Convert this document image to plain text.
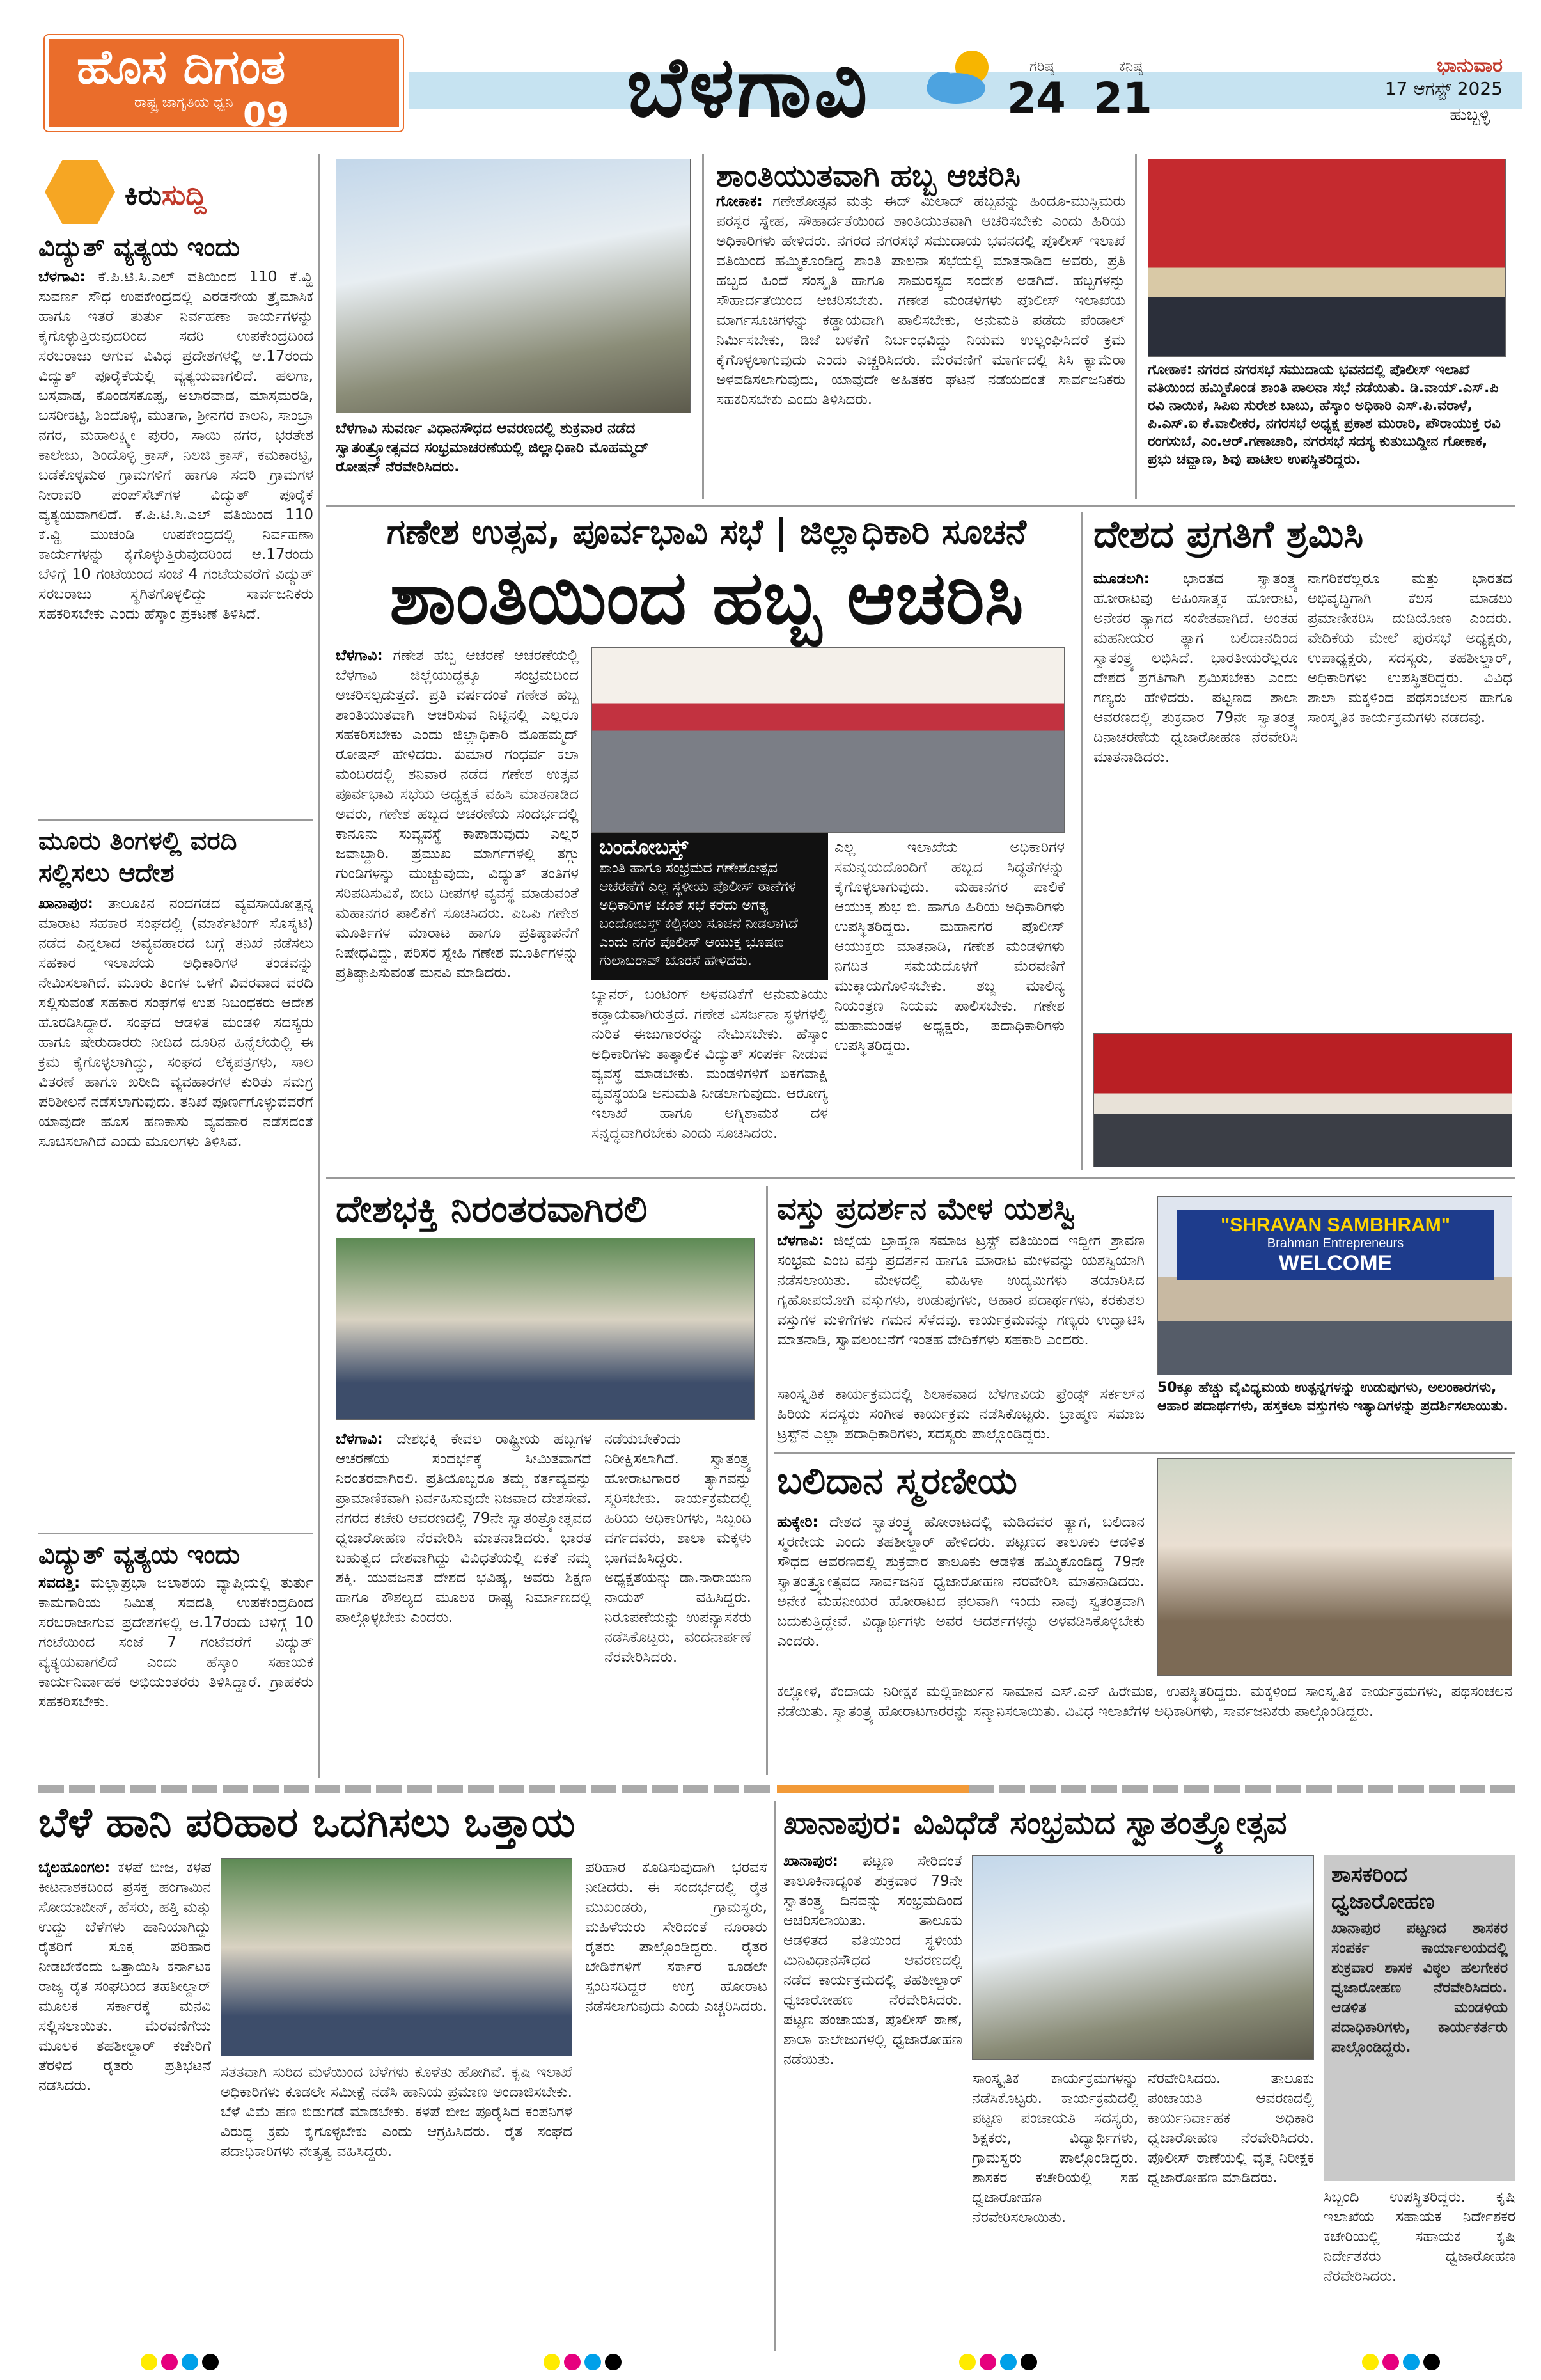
ಹೊಸ ದಿಗಂತ
ರಾಷ್ಟ್ರ ಜಾಗೃತಿಯ ಧ್ವನಿ 09	ಬೆಳಗಾವಿ	ಗರಿಷ್ಠ
24
ಕನಿಷ್ಠ
21
ಭಾನುವಾರ
17 ಆಗಸ್ಟ್ 2025
ಹುಬ್ಬಳ್ಳಿ
ಕಿರುಸುದ್ದಿ
ವಿದ್ಯುತ್ ವ್ಯತ್ಯಯ ಇಂದು
ಬೆಳಗಾವಿ: ಕೆ.ಪಿ.ಟಿ.ಸಿ.ಎಲ್ ವತಿಯಿಂದ 110 ಕೆ.ವ್ಹಿ ಸುವರ್ಣ ಸೌಧ ಉಪಕೇಂದ್ರದಲ್ಲಿ ಎರಡನೇಯ ತ್ರೈಮಾಸಿಕ ಹಾಗೂ ಇತರೆ ತುರ್ತು ನಿರ್ವಹಣಾ ಕಾರ್ಯಗಳನ್ನು ಕೈಗೊಳ್ಳುತ್ತಿರುವುದರಿಂದ ಸದರಿ ಉಪಕೇಂದ್ರದಿಂದ ಸರಬರಾಜು ಆಗುವ ವಿವಿಧ ಪ್ರದೇಶಗಳಲ್ಲಿ ಆ.17ರಂದು ವಿದ್ಯುತ್ ಪೂರೈಕೆಯಲ್ಲಿ ವ್ಯತ್ಯಯವಾಗಲಿದೆ. ಹಲಗಾ, ಬಸ್ತವಾಡ, ಕೊಂಡಸಕೊಪ್ಪ, ಅಲಾರವಾಡ, ಮಾಸ್ತಮರಡಿ, ಬಸರೀಕಟ್ಟಿ, ಶಿಂದೊಳ್ಳಿ, ಮುತಗಾ, ಶ್ರೀನಗರ ಕಾಲನಿ, ಸಾಂಬ್ರಾ ನಗರ, ಮಹಾಲಕ್ಷ್ಮೀ ಪುರಂ, ಸಾಯಿ ನಗರ, ಭರತೇಶ ಕಾಲೇಜು, ಶಿಂದೊಳ್ಳಿ ಕ್ರಾಸ್, ನಿಲಜಿ ಕ್ರಾಸ್, ಕಮಕಾರಟ್ಟಿ, ಬಡೆಕೊಳ್ಳಮಠ ಗ್ರಾಮಗಳಿಗೆ ಹಾಗೂ ಸದರಿ ಗ್ರಾಮಗಳ ನೀರಾವರಿ ಪಂಪ್‌ಸೆಟ್‌ಗಳ ವಿದ್ಯುತ್ ಪೂರೈಕೆ ವ್ಯತ್ಯಯವಾಗಲಿದೆ. ಕೆ.ಪಿ.ಟಿ.ಸಿ.ಎಲ್ ವತಿಯಿಂದ 110 ಕೆ.ವ್ಹಿ ಮುಚಂಡಿ ಉಪಕೇಂದ್ರದಲ್ಲಿ ನಿರ್ವಹಣಾ ಕಾರ್ಯಗಳನ್ನು ಕೈಗೊಳ್ಳುತ್ತಿರುವುದರಿಂದ ಆ.17ರಂದು ಬೆಳಿಗ್ಗೆ 10 ಗಂಟೆಯಿಂದ ಸಂಜೆ 4 ಗಂಟೆಯವರೆಗೆ ವಿದ್ಯುತ್ ಸರಬರಾಜು ಸ್ಥಗಿತಗೊಳ್ಳಲಿದ್ದು ಸಾರ್ವಜನಿಕರು ಸಹಕರಿಸಬೇಕು ಎಂದು ಹೆಸ್ಕಾಂ ಪ್ರಕಟಣೆ ತಿಳಿಸಿದೆ.
ಮೂರು ತಿಂಗಳಲ್ಲಿ ವರದಿ ಸಲ್ಲಿಸಲು ಆದೇಶ
ಖಾನಾಪುರ: ತಾಲೂಕಿನ ನಂದಗಡದ ವ್ಯವಸಾಯೋತ್ಪನ್ನ ಮಾರಾಟ ಸಹಕಾರ ಸಂಘದಲ್ಲಿ (ಮಾರ್ಕೆಟಿಂಗ್ ಸೊಸೈಟಿ) ನಡೆದ ಎನ್ನಲಾದ ಅವ್ಯವಹಾರದ ಬಗ್ಗೆ ತನಿಖೆ ನಡೆಸಲು ಸಹಕಾರ ಇಲಾಖೆಯ ಅಧಿಕಾರಿಗಳ ತಂಡವನ್ನು ನೇಮಿಸಲಾಗಿದೆ. ಮೂರು ತಿಂಗಳ ಒಳಗೆ ವಿವರವಾದ ವರದಿ ಸಲ್ಲಿಸುವಂತೆ ಸಹಕಾರ ಸಂಘಗಳ ಉಪ ನಿಬಂಧಕರು ಆದೇಶ ಹೊರಡಿಸಿದ್ದಾರೆ. ಸಂಘದ ಆಡಳಿತ ಮಂಡಳಿ ಸದಸ್ಯರು ಹಾಗೂ ಷೇರುದಾರರು ನೀಡಿದ ದೂರಿನ ಹಿನ್ನೆಲೆಯಲ್ಲಿ ಈ ಕ್ರಮ ಕೈಗೊಳ್ಳಲಾಗಿದ್ದು, ಸಂಘದ ಲೆಕ್ಕಪತ್ರಗಳು, ಸಾಲ ವಿತರಣೆ ಹಾಗೂ ಖರೀದಿ ವ್ಯವಹಾರಗಳ ಕುರಿತು ಸಮಗ್ರ ಪರಿಶೀಲನೆ ನಡೆಸಲಾಗುವುದು. ತನಿಖೆ ಪೂರ್ಣಗೊಳ್ಳುವವರೆಗೆ ಯಾವುದೇ ಹೊಸ ಹಣಕಾಸು ವ್ಯವಹಾರ ನಡೆಸದಂತೆ ಸೂಚಿಸಲಾಗಿದೆ ಎಂದು ಮೂಲಗಳು ತಿಳಿಸಿವೆ.
ವಿದ್ಯುತ್ ವ್ಯತ್ಯಯ ಇಂದು
ಸವದತ್ತಿ: ಮಲ್ಲಾಪ್ರಭಾ ಜಲಾಶಯ ವ್ಯಾಪ್ತಿಯಲ್ಲಿ ತುರ್ತು ಕಾಮಗಾರಿಯ ನಿಮಿತ್ತ ಸವದತ್ತಿ ಉಪಕೇಂದ್ರದಿಂದ ಸರಬರಾಜಾಗುವ ಪ್ರದೇಶಗಳಲ್ಲಿ ಆ.17ರಂದು ಬೆಳಿಗ್ಗೆ 10 ಗಂಟೆಯಿಂದ ಸಂಜೆ 7 ಗಂಟೆವರೆಗೆ ವಿದ್ಯುತ್ ವ್ಯತ್ಯಯವಾಗಲಿದೆ ಎಂದು ಹೆಸ್ಕಾಂ ಸಹಾಯಕ ಕಾರ್ಯನಿರ್ವಾಹಕ ಅಭಿಯಂತರರು ತಿಳಿಸಿದ್ದಾರೆ. ಗ್ರಾಹಕರು ಸಹಕರಿಸಬೇಕು.
ಬೆಳಗಾವಿ ಸುವರ್ಣ ವಿಧಾನಸೌಧದ ಆವರಣದಲ್ಲಿ ಶುಕ್ರವಾರ ನಡೆದ ಸ್ವಾತಂತ್ರ್ಯೋತ್ಸವದ ಸಂಭ್ರಮಾಚರಣೆಯಲ್ಲಿ ಜಿಲ್ಲಾಧಿಕಾರಿ ಮೊಹಮ್ಮದ್ ರೋಷನ್ ನೆರವೇರಿಸಿದರು.
ಶಾಂತಿಯುತವಾಗಿ ಹಬ್ಬ ಆಚರಿಸಿ
ಗೋಕಾಕ: ಗಣೇಶೋತ್ಸವ ಮತ್ತು ಈದ್ ಮಿಲಾದ್ ಹಬ್ಬವನ್ನು ಹಿಂದೂ-ಮುಸ್ಲಿಮರು ಪರಸ್ಪರ ಸ್ನೇಹ, ಸೌಹಾರ್ದತೆಯಿಂದ ಶಾಂತಿಯುತವಾಗಿ ಆಚರಿಸಬೇಕು ಎಂದು ಹಿರಿಯ ಅಧಿಕಾರಿಗಳು ಹೇಳಿದರು. ನಗರದ ನಗರಸಭೆ ಸಮುದಾಯ ಭವನದಲ್ಲಿ ಪೊಲೀಸ್ ಇಲಾಖೆ ವತಿಯಿಂದ ಹಮ್ಮಿಕೊಂಡಿದ್ದ ಶಾಂತಿ ಪಾಲನಾ ಸಭೆಯಲ್ಲಿ ಮಾತನಾಡಿದ ಅವರು, ಪ್ರತಿ ಹಬ್ಬದ ಹಿಂದೆ ಸಂಸ್ಕೃತಿ ಹಾಗೂ ಸಾಮರಸ್ಯದ ಸಂದೇಶ ಅಡಗಿದೆ. ಹಬ್ಬಗಳನ್ನು ಸೌಹಾರ್ದತೆಯಿಂದ ಆಚರಿಸಬೇಕು. ಗಣೇಶ ಮಂಡಳಿಗಳು ಪೊಲೀಸ್ ಇಲಾಖೆಯ ಮಾರ್ಗಸೂಚಿಗಳನ್ನು ಕಡ್ಡಾಯವಾಗಿ ಪಾಲಿಸಬೇಕು, ಅನುಮತಿ ಪಡೆದು ಪೆಂಡಾಲ್ ನಿರ್ಮಿಸಬೇಕು, ಡಿಜೆ ಬಳಕೆಗೆ ನಿರ್ಬಂಧವಿದ್ದು ನಿಯಮ ಉಲ್ಲಂಘಿಸಿದರೆ ಕ್ರಮ ಕೈಗೊಳ್ಳಲಾಗುವುದು ಎಂದು ಎಚ್ಚರಿಸಿದರು. ಮೆರವಣಿಗೆ ಮಾರ್ಗದಲ್ಲಿ ಸಿಸಿ ಕ್ಯಾಮೆರಾ ಅಳವಡಿಸಲಾಗುವುದು, ಯಾವುದೇ ಅಹಿತಕರ ಘಟನೆ ನಡೆಯದಂತೆ ಸಾರ್ವಜನಿಕರು ಸಹಕರಿಸಬೇಕು ಎಂದು ತಿಳಿಸಿದರು.
ಗೋಕಾಕ: ನಗರದ ನಗರಸಭೆ ಸಮುದಾಯ ಭವನದಲ್ಲಿ ಪೊಲೀಸ್ ಇಲಾಖೆ ವತಿಯಿಂದ ಹಮ್ಮಿಕೊಂಡ ಶಾಂತಿ ಪಾಲನಾ ಸಭೆ ನಡೆಯಿತು. ಡಿ.ವಾಯ್.ಎಸ್.ಪಿ ರವಿ ನಾಯಿಕ, ಸಿಪಿಐ ಸುರೇಶ ಬಾಬು, ಹೆಸ್ಕಾಂ ಅಧಿಕಾರಿ ಎಸ್.ಪಿ.ವರಾಳೆ, ಪಿ.ಎಸ್.ಐ ಕೆ.ವಾಲೀಕರ, ನಗರಸಭೆ ಅಧ್ಯಕ್ಷ ಪ್ರಕಾಶ ಮುರಾರಿ, ಪೌರಾಯುಕ್ತ ರವಿ ರಂಗಸುಬೆ, ಎಂ.ಆರ್.ಗಣಾಚಾರಿ, ನಗರಸಭೆ ಸದಸ್ಯ ಕುತುಬುದ್ದೀನ ಗೋಕಾಕ, ಪ್ರಭು ಚವ್ಹಾಣ, ಶಿವು ಪಾಟೀಲ ಉಪಸ್ಥಿತರಿದ್ದರು.
ಗಣೇಶ ಉತ್ಸವ, ಪೂರ್ವಭಾವಿ ಸಭೆ | ಜಿಲ್ಲಾಧಿಕಾರಿ ಸೂಚನೆ
ಶಾಂತಿಯಿಂದ ಹಬ್ಬ ಆಚರಿಸಿ
ಬೆಳಗಾವಿ: ಗಣೇಶ ಹಬ್ಬ ಆಚರಣೆ ಆಚರಣೆಯಲ್ಲಿ ಬೆಳಗಾವಿ ಜಿಲ್ಲೆಯುದ್ದಕ್ಕೂ ಸಂಭ್ರಮದಿಂದ ಆಚರಿಸಲ್ಪಡುತ್ತದೆ. ಪ್ರತಿ ವರ್ಷದಂತೆ ಗಣೇಶ ಹಬ್ಬ ಶಾಂತಿಯುತವಾಗಿ ಆಚರಿಸುವ ನಿಟ್ಟಿನಲ್ಲಿ ಎಲ್ಲರೂ ಸಹಕರಿಸಬೇಕು ಎಂದು ಜಿಲ್ಲಾಧಿಕಾರಿ ಮೊಹಮ್ಮದ್ ರೋಷನ್ ಹೇಳಿದರು. ಕುಮಾರ ಗಂಧರ್ವ ಕಲಾ ಮಂದಿರದಲ್ಲಿ ಶನಿವಾರ ನಡೆದ ಗಣೇಶ ಉತ್ಸವ ಪೂರ್ವಭಾವಿ ಸಭೆಯ ಅಧ್ಯಕ್ಷತೆ ವಹಿಸಿ ಮಾತನಾಡಿದ ಅವರು, ಗಣೇಶ ಹಬ್ಬದ ಆಚರಣೆಯ ಸಂದರ್ಭದಲ್ಲಿ ಕಾನೂನು ಸುವ್ಯವಸ್ಥೆ ಕಾಪಾಡುವುದು ಎಲ್ಲರ ಜವಾಬ್ದಾರಿ. ಪ್ರಮುಖ ಮಾರ್ಗಗಳಲ್ಲಿ ತಗ್ಗು ಗುಂಡಿಗಳನ್ನು ಮುಚ್ಚುವುದು, ವಿದ್ಯುತ್ ತಂತಿಗಳ ಸರಿಪಡಿಸುವಿಕೆ, ಬೀದಿ ದೀಪಗಳ ವ್ಯವಸ್ಥೆ ಮಾಡುವಂತೆ ಮಹಾನಗರ ಪಾಲಿಕೆಗೆ ಸೂಚಿಸಿದರು. ಪಿಒಪಿ ಗಣೇಶ ಮೂರ್ತಿಗಳ ಮಾರಾಟ ಹಾಗೂ ಪ್ರತಿಷ್ಠಾಪನೆಗೆ ನಿಷೇಧವಿದ್ದು, ಪರಿಸರ ಸ್ನೇಹಿ ಗಣೇಶ ಮೂರ್ತಿಗಳನ್ನು ಪ್ರತಿಷ್ಠಾಪಿಸುವಂತೆ ಮನವಿ ಮಾಡಿದರು.
ಬಂದೋಬಸ್ತ್
ಶಾಂತಿ ಹಾಗೂ ಸಂಭ್ರಮದ ಗಣೇಶೋತ್ಸವ ಆಚರಣೆಗೆ ಎಲ್ಲ ಸ್ಥಳೀಯ ಪೊಲೀಸ್ ಠಾಣೆಗಳ ಅಧಿಕಾರಿಗಳ ಜೊತೆ ಸಭೆ ಕರೆದು ಅಗತ್ಯ ಬಂದೋಬಸ್ತ್ ಕಲ್ಪಿಸಲು ಸೂಚನೆ ನೀಡಲಾಗಿದೆ ಎಂದು ನಗರ ಪೊಲೀಸ್ ಆಯುಕ್ತ ಭೂಷಣ ಗುಲಾಬರಾವ್ ಬೊರಸೆ ಹೇಳಿದರು.
ಬ್ಯಾನರ್, ಬಂಟಿಂಗ್ ಅಳವಡಿಕೆಗೆ ಅನುಮತಿಯು ಕಡ್ಡಾಯವಾಗಿರುತ್ತದೆ. ಗಣೇಶ ವಿಸರ್ಜನಾ ಸ್ಥಳಗಳಲ್ಲಿ ನುರಿತ ಈಜುಗಾರರನ್ನು ನೇಮಿಸಬೇಕು. ಹೆಸ್ಕಾಂ ಅಧಿಕಾರಿಗಳು ತಾತ್ಕಾಲಿಕ ವಿದ್ಯುತ್ ಸಂಪರ್ಕ ನೀಡುವ ವ್ಯವಸ್ಥೆ ಮಾಡಬೇಕು. ಮಂಡಳಿಗಳಿಗೆ ಏಕಗವಾಕ್ಷಿ ವ್ಯವಸ್ಥೆಯಡಿ ಅನುಮತಿ ನೀಡಲಾಗುವುದು. ಆರೋಗ್ಯ ಇಲಾಖೆ ಹಾಗೂ ಅಗ್ನಿಶಾಮಕ ದಳ ಸನ್ನದ್ಧವಾಗಿರಬೇಕು ಎಂದು ಸೂಚಿಸಿದರು.
ಎಲ್ಲ ಇಲಾಖೆಯ ಅಧಿಕಾರಿಗಳ ಸಮನ್ವಯದೊಂದಿಗೆ ಹಬ್ಬದ ಸಿದ್ಧತೆಗಳನ್ನು ಕೈಗೊಳ್ಳಲಾಗುವುದು. ಮಹಾನಗರ ಪಾಲಿಕೆ ಆಯುಕ್ತ ಶುಭ ಬಿ. ಹಾಗೂ ಹಿರಿಯ ಅಧಿಕಾರಿಗಳು ಉಪಸ್ಥಿತರಿದ್ದರು. ಮಹಾನಗರ ಪೊಲೀಸ್ ಆಯುಕ್ತರು ಮಾತನಾಡಿ, ಗಣೇಶ ಮಂಡಳಿಗಳು ನಿಗದಿತ ಸಮಯದೊಳಗೆ ಮೆರವಣಿಗೆ ಮುಕ್ತಾಯಗೊಳಿಸಬೇಕು. ಶಬ್ದ ಮಾಲಿನ್ಯ ನಿಯಂತ್ರಣ ನಿಯಮ ಪಾಲಿಸಬೇಕು. ಗಣೇಶ ಮಹಾಮಂಡಳ ಅಧ್ಯಕ್ಷರು, ಪದಾಧಿಕಾರಿಗಳು ಉಪಸ್ಥಿತರಿದ್ದರು.
ದೇಶದ ಪ್ರಗತಿಗೆ ಶ್ರಮಿಸಿ
ಮೂಡಲಗಿ: ಭಾರತದ ಸ್ವಾತಂತ್ರ್ಯ ಹೋರಾಟವು ಅಹಿಂಸಾತ್ಮಕ ಹೋರಾಟ, ಅನೇಕರ ತ್ಯಾಗದ ಸಂಕೇತವಾಗಿದೆ. ಅಂತಹ ಮಹನೀಯರ ತ್ಯಾಗ ಬಲಿದಾನದಿಂದ ಸ್ವಾತಂತ್ರ್ಯ ಲಭಿಸಿದೆ. ಭಾರತೀಯರೆಲ್ಲರೂ ದೇಶದ ಪ್ರಗತಿಗಾಗಿ ಶ್ರಮಿಸಬೇಕು ಎಂದು ಗಣ್ಯರು ಹೇಳಿದರು. ಪಟ್ಟಣದ ಶಾಲಾ ಆವರಣದಲ್ಲಿ ಶುಕ್ರವಾರ 79ನೇ ಸ್ವಾತಂತ್ರ್ಯ ದಿನಾಚರಣೆಯ ಧ್ವಜಾರೋಹಣ ನೆರವೇರಿಸಿ ಮಾತನಾಡಿದರು.
ನಾಗರಿಕರೆಲ್ಲರೂ ಮತ್ತು ಭಾರತದ ಅಭಿವೃದ್ಧಿಗಾಗಿ ಕೆಲಸ ಮಾಡಲು ಪ್ರಮಾಣೀಕರಿಸಿ ದುಡಿಯೋಣ ಎಂದರು. ವೇದಿಕೆಯ ಮೇಲೆ ಪುರಸಭೆ ಅಧ್ಯಕ್ಷರು, ಉಪಾಧ್ಯಕ್ಷರು, ಸದಸ್ಯರು, ತಹಶೀಲ್ದಾರ್, ಅಧಿಕಾರಿಗಳು ಉಪಸ್ಥಿತರಿದ್ದರು. ವಿವಿಧ ಶಾಲಾ ಮಕ್ಕಳಿಂದ ಪಥಸಂಚಲನ ಹಾಗೂ ಸಾಂಸ್ಕೃತಿಕ ಕಾರ್ಯಕ್ರಮಗಳು ನಡೆದವು.
ದೇಶಭಕ್ತಿ ನಿರಂತರವಾಗಿರಲಿ
ಬೆಳಗಾವಿ: ದೇಶಭಕ್ತಿ ಕೇವಲ ರಾಷ್ಟ್ರೀಯ ಹಬ್ಬಗಳ ಆಚರಣೆಯ ಸಂದರ್ಭಕ್ಕೆ ಸೀಮಿತವಾಗದೆ ನಿರಂತರವಾಗಿರಲಿ. ಪ್ರತಿಯೊಬ್ಬರೂ ತಮ್ಮ ಕರ್ತವ್ಯವನ್ನು ಪ್ರಾಮಾಣಿಕವಾಗಿ ನಿರ್ವಹಿಸುವುದೇ ನಿಜವಾದ ದೇಶಸೇವೆ. ನಗರದ ಕಚೇರಿ ಆವರಣದಲ್ಲಿ 79ನೇ ಸ್ವಾತಂತ್ರ್ಯೋತ್ಸವದ ಧ್ವಜಾರೋಹಣ ನೆರವೇರಿಸಿ ಮಾತನಾಡಿದರು. ಭಾರತ ಬಹುತ್ವದ ದೇಶವಾಗಿದ್ದು ವಿವಿಧತೆಯಲ್ಲಿ ಏಕತೆ ನಮ್ಮ ಶಕ್ತಿ. ಯುವಜನತೆ ದೇಶದ ಭವಿಷ್ಯ, ಅವರು ಶಿಕ್ಷಣ ಹಾಗೂ ಕೌಶಲ್ಯದ ಮೂಲಕ ರಾಷ್ಟ್ರ ನಿರ್ಮಾಣದಲ್ಲಿ ಪಾಲ್ಗೊಳ್ಳಬೇಕು ಎಂದರು.
ನಡೆಯಬೇಕೆಂದು ನಿರೀಕ್ಷಿಸಲಾಗಿದೆ. ಸ್ವಾತಂತ್ರ್ಯ ಹೋರಾಟಗಾರರ ತ್ಯಾಗವನ್ನು ಸ್ಮರಿಸಬೇಕು. ಕಾರ್ಯಕ್ರಮದಲ್ಲಿ ಹಿರಿಯ ಅಧಿಕಾರಿಗಳು, ಸಿಬ್ಬಂದಿ ವರ್ಗದವರು, ಶಾಲಾ ಮಕ್ಕಳು ಭಾಗವಹಿಸಿದ್ದರು. ಅಧ್ಯಕ್ಷತೆಯನ್ನು ಡಾ.ನಾರಾಯಣ ನಾಯಕ್ ವಹಿಸಿದ್ದರು. ನಿರೂಪಣೆಯನ್ನು ಉಪನ್ಯಾಸಕರು ನಡೆಸಿಕೊಟ್ಟರು, ವಂದನಾರ್ಪಣೆ ನೆರವೇರಿಸಿದರು.
ವಸ್ತು ಪ್ರದರ್ಶನ ಮೇಳ ಯಶಸ್ವಿ
ಬೆಳಗಾವಿ: ಜಿಲ್ಲೆಯ ಬ್ರಾಹ್ಮಣ ಸಮಾಜ ಟ್ರಸ್ಟ್ ವತಿಯಿಂದ ಇದ್ದೀಗ ಶ್ರಾವಣ ಸಂಭ್ರಮ ಎಂಬ ವಸ್ತು ಪ್ರದರ್ಶನ ಹಾಗೂ ಮಾರಾಟ ಮೇಳವನ್ನು ಯಶಸ್ವಿಯಾಗಿ ನಡೆಸಲಾಯಿತು. ಮೇಳದಲ್ಲಿ ಮಹಿಳಾ ಉದ್ಯಮಿಗಳು ತಯಾರಿಸಿದ ಗೃಹೋಪಯೋಗಿ ವಸ್ತುಗಳು, ಉಡುಪುಗಳು, ಆಹಾರ ಪದಾರ್ಥಗಳು, ಕರಕುಶಲ ವಸ್ತುಗಳ ಮಳಿಗೆಗಳು ಗಮನ ಸೆಳೆದವು. ಕಾರ್ಯಕ್ರಮವನ್ನು ಗಣ್ಯರು ಉದ್ಘಾಟಿಸಿ ಮಾತನಾಡಿ, ಸ್ವಾವಲಂಬನೆಗೆ ಇಂತಹ ವೇದಿಕೆಗಳು ಸಹಕಾರಿ ಎಂದರು.
"SHRAVAN SAMBHRAM"
Brahman Entrepreneurs
WELCOME
50ಕ್ಕೂ ಹೆಚ್ಚು ವೈವಿಧ್ಯಮಯ ಉತ್ಪನ್ನಗಳನ್ನು ಉಡುಪುಗಳು, ಅಲಂಕಾರಗಳು, ಆಹಾರ ಪದಾರ್ಥಗಳು, ಹಸ್ತಕಲಾ ವಸ್ತುಗಳು ಇತ್ಯಾದಿಗಳನ್ನು ಪ್ರದರ್ಶಿಸಲಾಯಿತು.
ಸಾಂಸ್ಕೃತಿಕ ಕಾರ್ಯಕ್ರಮದಲ್ಲಿ ಶಿಲಾಕವಾದ ಬೆಳಗಾವಿಯ ಫ್ರೆಂಡ್ಸ್ ಸರ್ಕಲ್‌ನ ಹಿರಿಯ ಸದಸ್ಯರು ಸಂಗೀತ ಕಾರ್ಯಕ್ರಮ ನಡೆಸಿಕೊಟ್ಟರು. ಬ್ರಾಹ್ಮಣ ಸಮಾಜ ಟ್ರಸ್ಟ್‌ನ ಎಲ್ಲಾ ಪದಾಧಿಕಾರಿಗಳು, ಸದಸ್ಯರು ಪಾಲ್ಗೊಂಡಿದ್ದರು.
ಬಲಿದಾನ ಸ್ಮರಣೀಯ
ಹುಕ್ಕೇರಿ: ದೇಶದ ಸ್ವಾತಂತ್ರ್ಯ ಹೋರಾಟದಲ್ಲಿ ಮಡಿದವರ ತ್ಯಾಗ, ಬಲಿದಾನ ಸ್ಮರಣೀಯ ಎಂದು ತಹಶೀಲ್ದಾರ್ ಹೇಳಿದರು. ಪಟ್ಟಣದ ತಾಲೂಕು ಆಡಳಿತ ಸೌಧದ ಆವರಣದಲ್ಲಿ ಶುಕ್ರವಾರ ತಾಲೂಕು ಆಡಳಿತ ಹಮ್ಮಿಕೊಂಡಿದ್ದ 79ನೇ ಸ್ವಾತಂತ್ರ್ಯೋತ್ಸವದ ಸಾರ್ವಜನಿಕ ಧ್ವಜಾರೋಹಣ ನೆರವೇರಿಸಿ ಮಾತನಾಡಿದರು. ಅನೇಕ ಮಹನೀಯರ ಹೋರಾಟದ ಫಲವಾಗಿ ಇಂದು ನಾವು ಸ್ವತಂತ್ರವಾಗಿ ಬದುಕುತ್ತಿದ್ದೇವೆ. ವಿದ್ಯಾರ್ಥಿಗಳು ಅವರ ಆದರ್ಶಗಳನ್ನು ಅಳವಡಿಸಿಕೊಳ್ಳಬೇಕು ಎಂದರು.
ಕಲ್ಲೋಳ, ಕೆಂದಾಯ ನಿರೀಕ್ಷಕ ಮಲ್ಲಿಕಾರ್ಜುನ ಸಾಮಾನ ಎಸ್.ಎನ್ ಹಿರೇಮಠ, ಉಪಸ್ಥಿತರಿದ್ದರು. ಮಕ್ಕಳಿಂದ ಸಾಂಸ್ಕೃತಿಕ ಕಾರ್ಯಕ್ರಮಗಳು, ಪಥಸಂಚಲನ ನಡೆಯಿತು. ಸ್ವಾತಂತ್ರ್ಯ ಹೋರಾಟಗಾರರನ್ನು ಸನ್ಮಾನಿಸಲಾಯಿತು. ವಿವಿಧ ಇಲಾಖೆಗಳ ಅಧಿಕಾರಿಗಳು, ಸಾರ್ವಜನಿಕರು ಪಾಲ್ಗೊಂಡಿದ್ದರು.
ಬೆಳೆ ಹಾನಿ ಪರಿಹಾರ ಒದಗಿಸಲು ಒತ್ತಾಯ
ಬೈಲಹೊಂಗಲ: ಕಳಪೆ ಬೀಜ, ಕಳಪೆ ಕೀಟನಾಶಕದಿಂದ ಪ್ರಸಕ್ತ ಹಂಗಾಮಿನ ಸೋಯಾಬೀನ್, ಹೆಸರು, ಹತ್ತಿ ಮತ್ತು ಉದ್ದು ಬೆಳೆಗಳು ಹಾನಿಯಾಗಿದ್ದು ರೈತರಿಗೆ ಸೂಕ್ತ ಪರಿಹಾರ ನೀಡಬೇಕೆಂದು ಒತ್ತಾಯಿಸಿ ಕರ್ನಾಟಕ ರಾಜ್ಯ ರೈತ ಸಂಘದಿಂದ ತಹಶೀಲ್ದಾರ್ ಮೂಲಕ ಸರ್ಕಾರಕ್ಕೆ ಮನವಿ ಸಲ್ಲಿಸಲಾಯಿತು. ಮೆರವಣಿಗೆಯ ಮೂಲಕ ತಹಶೀಲ್ದಾರ್ ಕಚೇರಿಗೆ ತೆರಳಿದ ರೈತರು ಪ್ರತಿಭಟನೆ ನಡೆಸಿದರು.
ಸತತವಾಗಿ ಸುರಿದ ಮಳೆಯಿಂದ ಬೆಳೆಗಳು ಕೊಳೆತು ಹೋಗಿವೆ. ಕೃಷಿ ಇಲಾಖೆ ಅಧಿಕಾರಿಗಳು ಕೂಡಲೇ ಸಮೀಕ್ಷೆ ನಡೆಸಿ ಹಾನಿಯ ಪ್ರಮಾಣ ಅಂದಾಜಿಸಬೇಕು. ಬೆಳೆ ವಿಮೆ ಹಣ ಬಿಡುಗಡೆ ಮಾಡಬೇಕು. ಕಳಪೆ ಬೀಜ ಪೂರೈಸಿದ ಕಂಪನಿಗಳ ವಿರುದ್ಧ ಕ್ರಮ ಕೈಗೊಳ್ಳಬೇಕು ಎಂದು ಆಗ್ರಹಿಸಿದರು. ರೈತ ಸಂಘದ ಪದಾಧಿಕಾರಿಗಳು ನೇತೃತ್ವ ವಹಿಸಿದ್ದರು.
ಪರಿಹಾರ ಕೊಡಿಸುವುದಾಗಿ ಭರವಸೆ ನೀಡಿದರು. ಈ ಸಂದರ್ಭದಲ್ಲಿ ರೈತ ಮುಖಂಡರು, ಗ್ರಾಮಸ್ಥರು, ಮಹಿಳೆಯರು ಸೇರಿದಂತೆ ನೂರಾರು ರೈತರು ಪಾಲ್ಗೊಂಡಿದ್ದರು. ರೈತರ ಬೇಡಿಕೆಗಳಿಗೆ ಸರ್ಕಾರ ಕೂಡಲೇ ಸ್ಪಂದಿಸದಿದ್ದರೆ ಉಗ್ರ ಹೋರಾಟ ನಡೆಸಲಾಗುವುದು ಎಂದು ಎಚ್ಚರಿಸಿದರು.
ಖಾನಾಪುರ: ವಿವಿಧೆಡೆ ಸಂಭ್ರಮದ ಸ್ವಾತಂತ್ರ್ಯೋತ್ಸವ
ಖಾನಾಪುರ: ಪಟ್ಟಣ ಸೇರಿದಂತೆ ತಾಲೂಕಿನಾದ್ಯಂತ ಶುಕ್ರವಾರ 79ನೇ ಸ್ವಾತಂತ್ರ್ಯ ದಿನವನ್ನು ಸಂಭ್ರಮದಿಂದ ಆಚರಿಸಲಾಯಿತು. ತಾಲೂಕು ಆಡಳಿತದ ವತಿಯಿಂದ ಸ್ಥಳೀಯ ಮಿನಿವಿಧಾನಸೌಧದ ಆವರಣದಲ್ಲಿ ನಡೆದ ಕಾರ್ಯಕ್ರಮದಲ್ಲಿ ತಹಶೀಲ್ದಾರ್ ಧ್ವಜಾರೋಹಣ ನೆರವೇರಿಸಿದರು. ಪಟ್ಟಣ ಪಂಚಾಯತ, ಪೊಲೀಸ್ ಠಾಣೆ, ಶಾಲಾ ಕಾಲೇಜುಗಳಲ್ಲಿ ಧ್ವಜಾರೋಹಣ ನಡೆಯಿತು.
ಸಾಂಸ್ಕೃತಿಕ ಕಾರ್ಯಕ್ರಮಗಳನ್ನು ನಡೆಸಿಕೊಟ್ಟರು. ಕಾರ್ಯಕ್ರಮದಲ್ಲಿ ಪಟ್ಟಣ ಪಂಚಾಯತಿ ಸದಸ್ಯರು, ಶಿಕ್ಷಕರು, ವಿದ್ಯಾರ್ಥಿಗಳು, ಗ್ರಾಮಸ್ಥರು ಪಾಲ್ಗೊಂಡಿದ್ದರು. ಶಾಸಕರ ಕಚೇರಿಯಲ್ಲಿ ಸಹ ಧ್ವಜಾರೋಹಣ ನೆರವೇರಿಸಲಾಯಿತು.
ನೆರವೇರಿಸಿದರು. ತಾಲೂಕು ಪಂಚಾಯತಿ ಆವರಣದಲ್ಲಿ ಕಾರ್ಯನಿರ್ವಾಹಕ ಅಧಿಕಾರಿ ಧ್ವಜಾರೋಹಣ ನೆರವೇರಿಸಿದರು. ಪೊಲೀಸ್ ಠಾಣೆಯಲ್ಲಿ ವೃತ್ತ ನಿರೀಕ್ಷಕ ಧ್ವಜಾರೋಹಣ ಮಾಡಿದರು.
ಶಾಸಕರಿಂದ ಧ್ವಜಾರೋಹಣ
ಖಾನಾಪುರ ಪಟ್ಟಣದ ಶಾಸಕರ ಸಂಪರ್ಕ ಕಾರ್ಯಾಲಯದಲ್ಲಿ ಶುಕ್ರವಾರ ಶಾಸಕ ವಿಠ್ಠಲ ಹಲಗೇಕರ ಧ್ವಜಾರೋಹಣ ನೆರವೇರಿಸಿದರು. ಆಡಳಿತ ಮಂಡಳಿಯ ಪದಾಧಿಕಾರಿಗಳು, ಕಾರ್ಯಕರ್ತರು ಪಾಲ್ಗೊಂಡಿದ್ದರು.
ಸಿಬ್ಬಂದಿ ಉಪಸ್ಥಿತರಿದ್ದರು. ಕೃಷಿ ಇಲಾಖೆಯ ಸಹಾಯಕ ನಿರ್ದೇಶಕರ ಕಚೇರಿಯಲ್ಲಿ ಸಹಾಯಕ ಕೃಷಿ ನಿರ್ದೇಶಕರು ಧ್ವಜಾರೋಹಣ ನೆರವೇರಿಸಿದರು.
